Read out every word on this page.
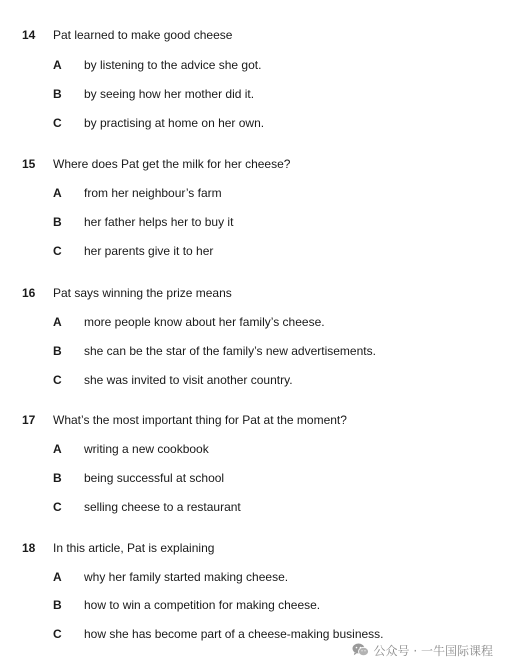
14 Pat learned to make good cheese
A by listening to the advice she got.
B by seeing how her mother did it.
C by practising at home on her own.
15 Where does Pat get the milk for her cheese?
A from her neighbour’s farm
B her father helps her to buy it
C her parents give it to her
16 Pat says winning the prize means
A more people know about her family’s cheese.
B she can be the star of the family’s new advertisements.
C she was invited to visit another country.
17 What’s the most important thing for Pat at the moment?
A writing a new cookbook
B being successful at school
C selling cheese to a restaurant
18 In this article, Pat is explaining
A why her family started making cheese.
B how to win a competition for making cheese.
C how she has become part of a cheese-making business.
公众号 · 一牛国际课程
